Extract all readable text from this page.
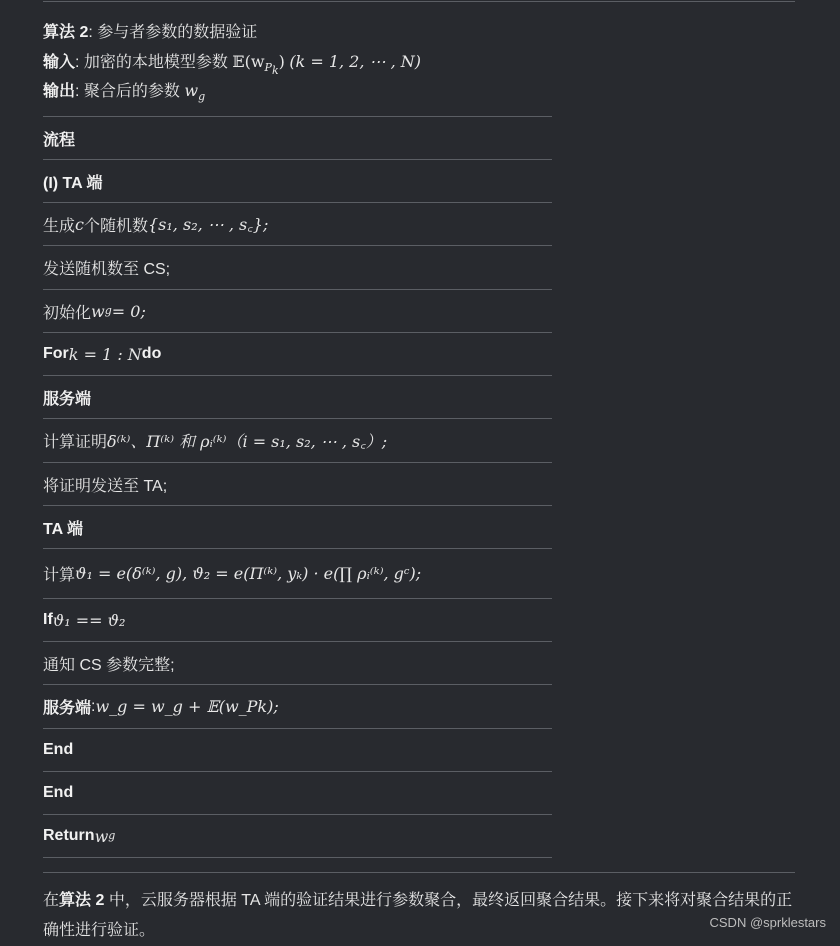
算法 2: 参与者参数的数据验证
输入: 加密的本地模型参数 $𝔼(w_{P_k}) (k = 1$, 2, ⋯ , N)
输出: 聚合后的参数 $w_g$
流程
(I) TA 端
生成 c 个随机数 {s₁, s₂, ⋯ , s꜀};
发送随机数至 CS;
初始化 w g = 0;
For k = 1 : N do
服务端
计算证明 δ⁽ᵏ⁾、Π⁽ᵏ⁾ 和 ρᵢ⁽ᵏ⁾（i = s₁, s₂, ⋯ , s꜀）;
将证明发送至 TA;
TA 端
计算 ϑ₁ = e(δ⁽ᵏ⁾, g), ϑ₂ = e(Π⁽ᵏ⁾, yₖ) · e(∏ ρᵢ⁽ᵏ⁾, gᶜ);
If ϑ₁ == ϑ₂
通知 CS 参数完整;
服务端 : w_g = w_g + 𝔼(w_Pk);
End
End
Return w g
在算法 2 中，云服务器根据 TA 端的验证结果进行参数聚合，最终返回聚合结果。接下来将对聚合结果的正确性进行验证。	CSDN @sprklestars
